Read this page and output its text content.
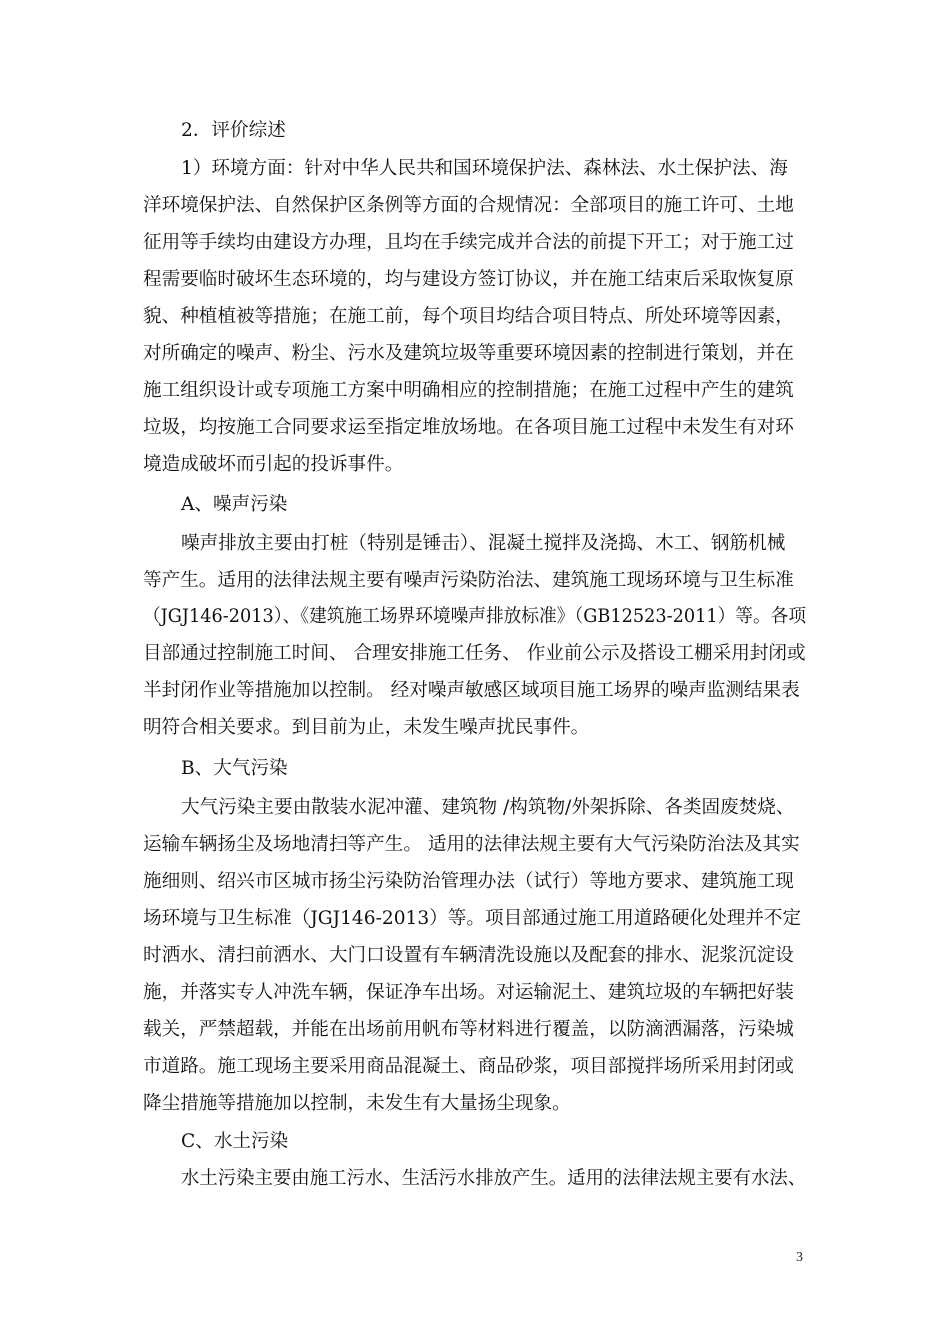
2．评价综述

1）环境方面：针对中华人民共和国环境保护法、森林法、水土保护法、海

洋环境保护法、自然保护区条例等方面的合规情况：全部项目的施工许可、土地

征用等手续均由建设方办理，且均在手续完成并合法的前提下开工；对于施工过

程需要临时破坏生态环境的，均与建设方签订协议，并在施工结束后采取恢复原

貌、种植植被等措施；在施工前，每个项目均结合项目特点、所处环境等因素，

对所确定的噪声、粉尘、污水及建筑垃圾等重要环境因素的控制进行策划，并在

施工组织设计或专项施工方案中明确相应的控制措施；在施工过程中产生的建筑

垃圾，均按施工合同要求运至指定堆放场地。在各项目施工过程中未发生有对环

境造成破坏而引起的投诉事件。

A、噪声污染

噪声排放主要由打桩（特别是锤击）、混凝土搅拌及浇捣、木工、钢筋机械

等产生。适用的法律法规主要有噪声污染防治法、建筑施工现场环境与卫生标准

（JGJ146-2013）、《建筑施工场界环境噪声排放标准》（GB12523-2011）等。各项

目部通过控制施工时间、 合理安排施工任务、 作业前公示及搭设工棚采用封闭或

半封闭作业等措施加以控制。 经对噪声敏感区域项目施工场界的噪声监测结果表

明符合相关要求。到目前为止，未发生噪声扰民事件。

B、大气污染

大气污染主要由散装水泥冲灌、建筑物 /构筑物/外架拆除、各类固废焚烧、

运输车辆扬尘及场地清扫等产生。 适用的法律法规主要有大气污染防治法及其实

施细则、绍兴市区城市扬尘污染防治管理办法（试行）等地方要求、建筑施工现

场环境与卫生标准（JGJ146-2013）等。项目部通过施工用道路硬化处理并不定

时洒水、清扫前洒水、大门口设置有车辆清洗设施以及配套的排水、泥浆沉淀设

施，并落实专人冲洗车辆，保证净车出场。对运输泥土、建筑垃圾的车辆把好装

载关，严禁超载，并能在出场前用帆布等材料进行覆盖，以防滴洒漏落，污染城

市道路。施工现场主要采用商品混凝土、商品砂浆，项目部搅拌场所采用封闭或

降尘措施等措施加以控制，未发生有大量扬尘现象。

C、水土污染

水土污染主要由施工污水、生活污水排放产生。适用的法律法规主要有水法、

3
